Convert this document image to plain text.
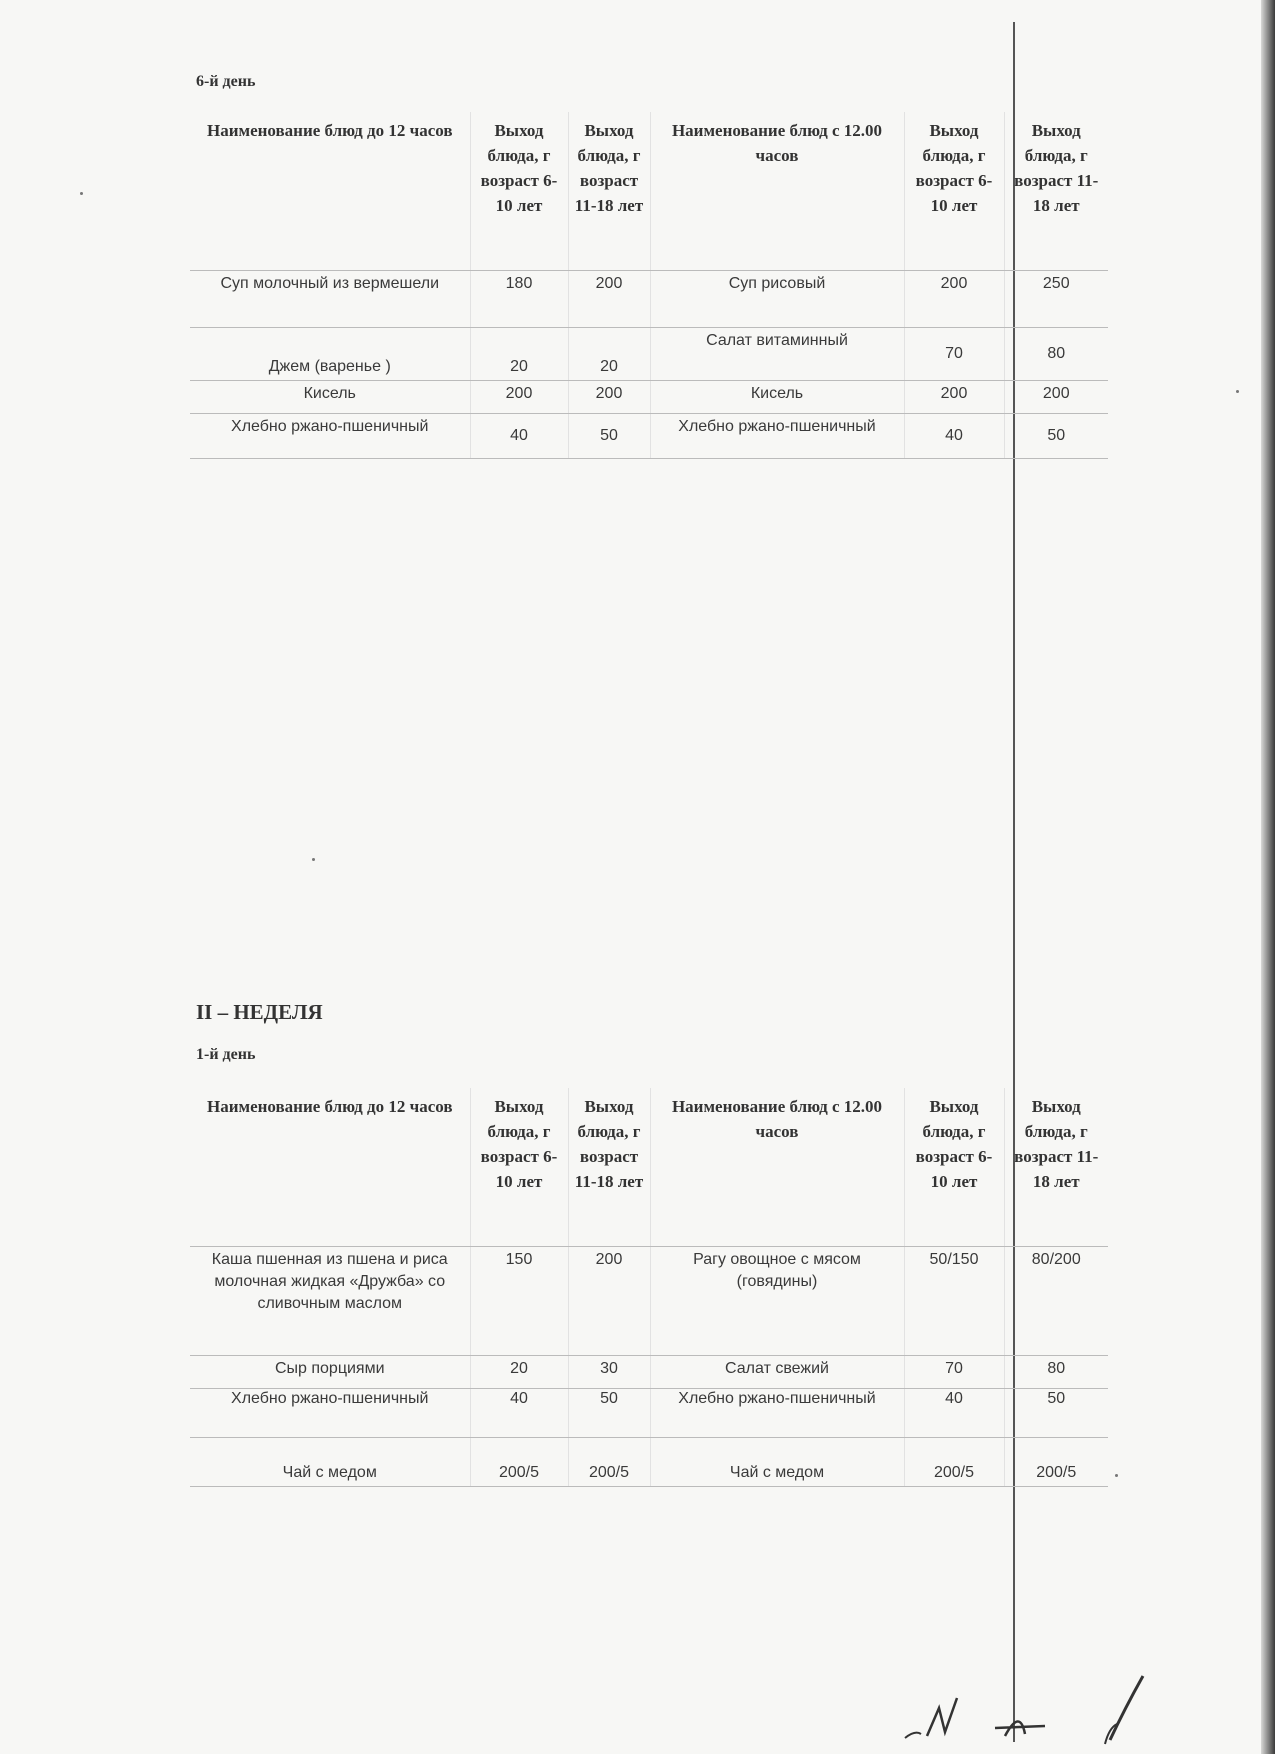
6-й день
Наименование блюд до 12 часов	Выход блюда, г возраст 6-10 лет	Выход блюда, г возраст 11-18 лет	Наименование блюд с 12.00 часов	Выход блюда, г возраст 6-10 лет	Выход блюда, г возраст 11-18 лет
Суп молочный из вермешели	180	200	Суп рисовый	200	250
Джем (варенье )	20	20	Салат витаминный	70	80
Кисель	200	200	Кисель	200	200
Хлебно ржано-пшеничный	40	50	Хлебно ржано-пшеничный	40	50
II – НЕДЕЛЯ
1-й день
Наименование блюд до 12 часов	Выход блюда, г возраст 6-10 лет	Выход блюда, г возраст 11-18 лет	Наименование блюд с 12.00 часов	Выход блюда, г возраст 6-10 лет	Выход блюда, г возраст 11-18 лет
Каша пшенная из пшена и риса молочная жидкая «Дружба» со сливочным маслом	150	200	Рагу овощное с мясом (говядины)	50/150	80/200
Сыр порциями	20	30	Салат свежий	70	80
Хлебно ржано-пшеничный	40	50	Хлебно ржано-пшеничный	40	50
Чай с медом	200/5	200/5	Чай с медом	200/5	200/5
